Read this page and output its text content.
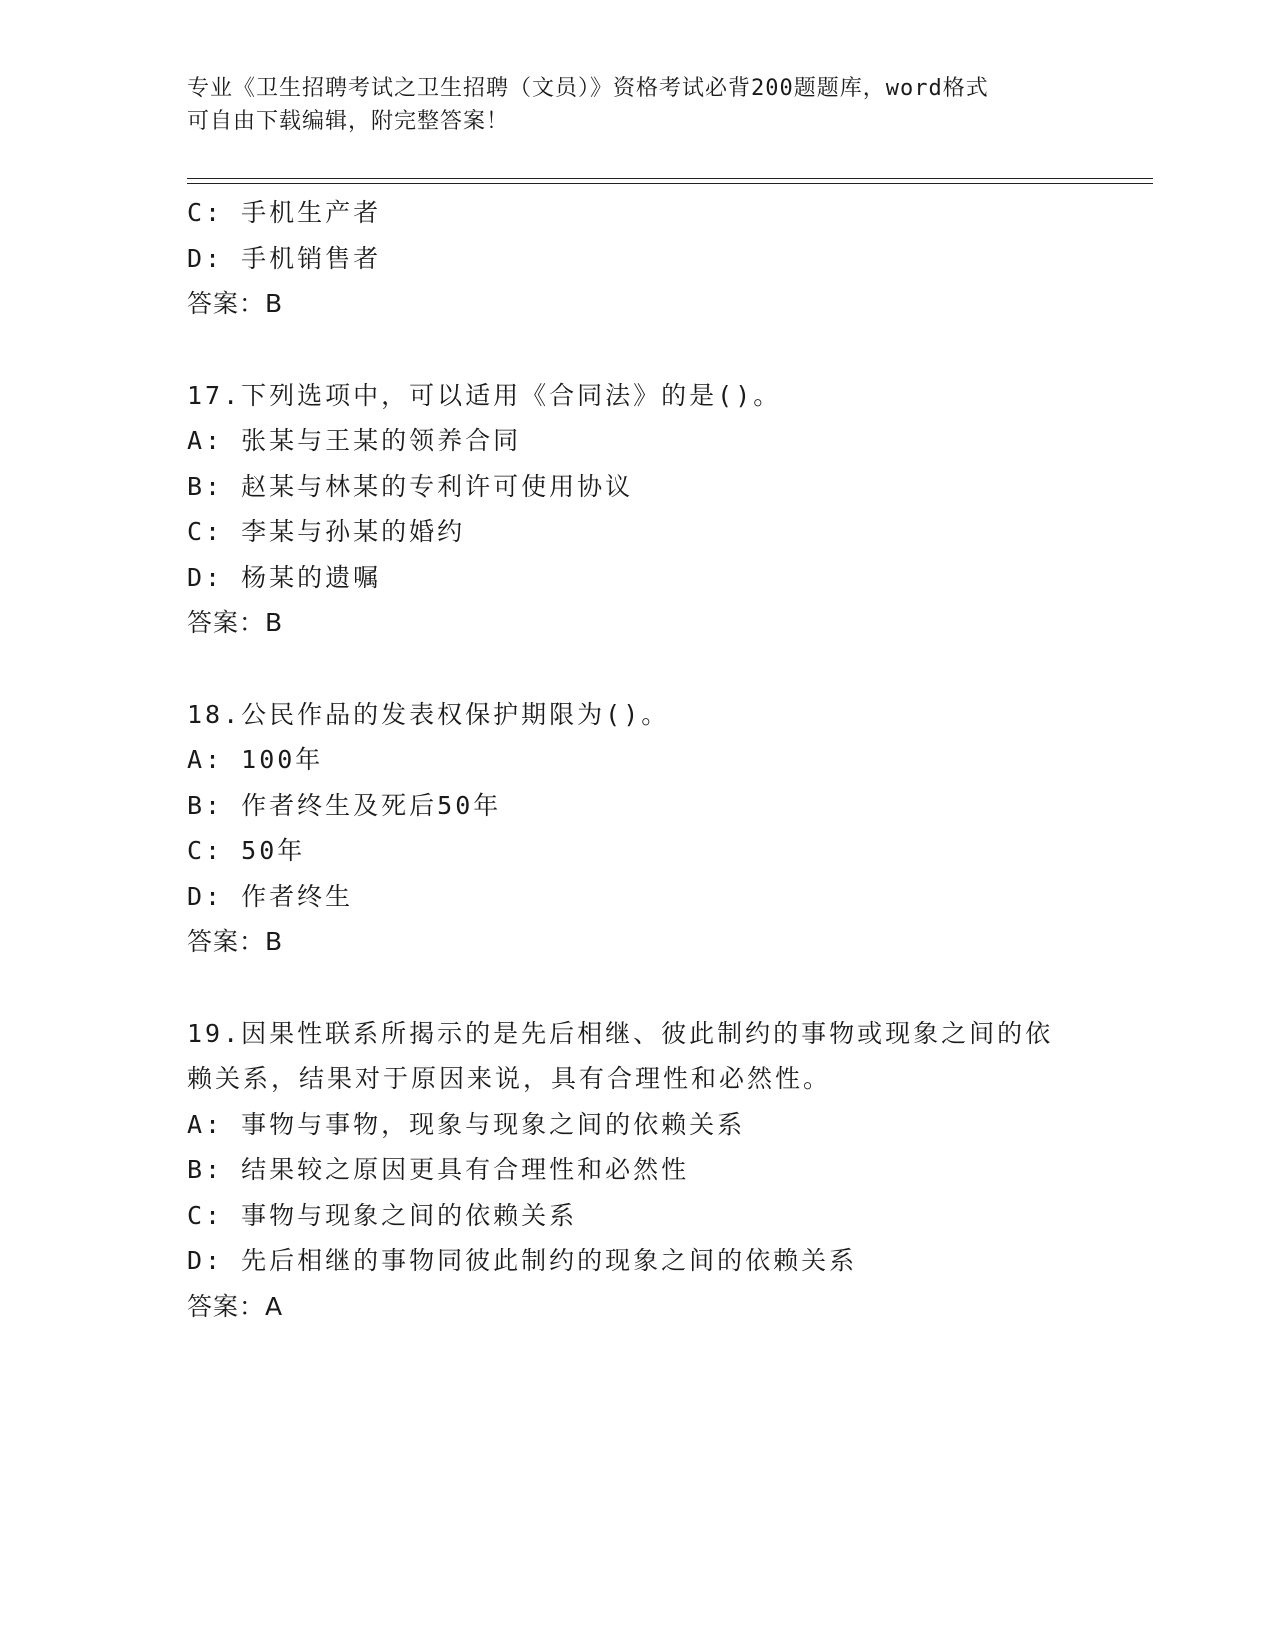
专业《卫生招聘考试之卫生招聘（文员）》资格考试必背200题题库，word格式
可自由下载编辑，附完整答案！
C: 手机生产者
D: 手机销售者
答案：B
17.下列选项中，可以适用《合同法》的是()。
A: 张某与王某的领养合同
B: 赵某与林某的专利许可使用协议
C: 李某与孙某的婚约
D: 杨某的遗嘱
答案：B
18.公民作品的发表权保护期限为()。
A: 100年
B: 作者终生及死后50年
C: 50年
D: 作者终生
答案：B
19.因果性联系所揭示的是先后相继、彼此制约的事物或现象之间的依
赖关系，结果对于原因来说，具有合理性和必然性。
A: 事物与事物，现象与现象之间的依赖关系
B: 结果较之原因更具有合理性和必然性
C: 事物与现象之间的依赖关系
D: 先后相继的事物同彼此制约的现象之间的依赖关系
答案：A
